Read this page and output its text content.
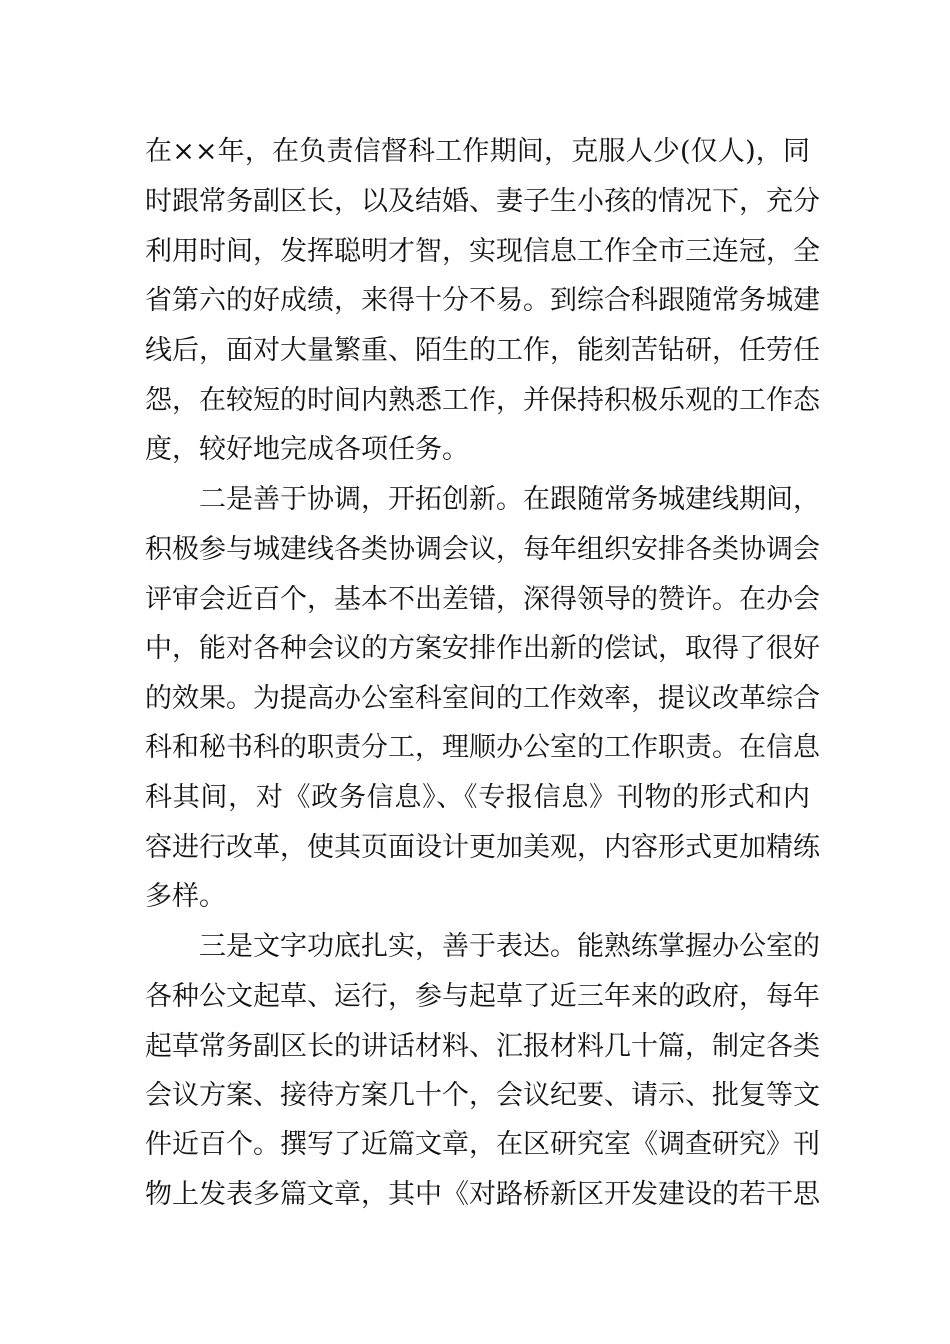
在××年，在负责信督科工作期间，克服人少(仅人)，同
时跟常务副区长，以及结婚、妻子生小孩的情况下，充分
利用时间，发挥聪明才智，实现信息工作全市三连冠，全
省第六的好成绩，来得十分不易。到综合科跟随常务城建
线后，面对大量繁重、陌生的工作，能刻苦钻研，任劳任
怨，在较短的时间内熟悉工作，并保持积极乐观的工作态
度，较好地完成各项任务。
二是善于协调，开拓创新。在跟随常务城建线期间，
积极参与城建线各类协调会议，每年组织安排各类协调会
评审会近百个，基本不出差错，深得领导的赞许。在办会
中，能对各种会议的方案安排作出新的偿试，取得了很好
的效果。为提高办公室科室间的工作效率，提议改革综合
科和秘书科的职责分工，理顺办公室的工作职责。在信息
科其间，对《政务信息》、《专报信息》刊物的形式和内
容进行改革，使其页面设计更加美观，内容形式更加精练
多样。
三是文字功底扎实，善于表达。能熟练掌握办公室的
各种公文起草、运行，参与起草了近三年来的政府，每年
起草常务副区长的讲话材料、汇报材料几十篇，制定各类
会议方案、接待方案几十个，会议纪要、请示、批复等文
件近百个。撰写了近篇文章，在区研究室《调查研究》刊
物上发表多篇文章，其中《对路桥新区开发建设的若干思
